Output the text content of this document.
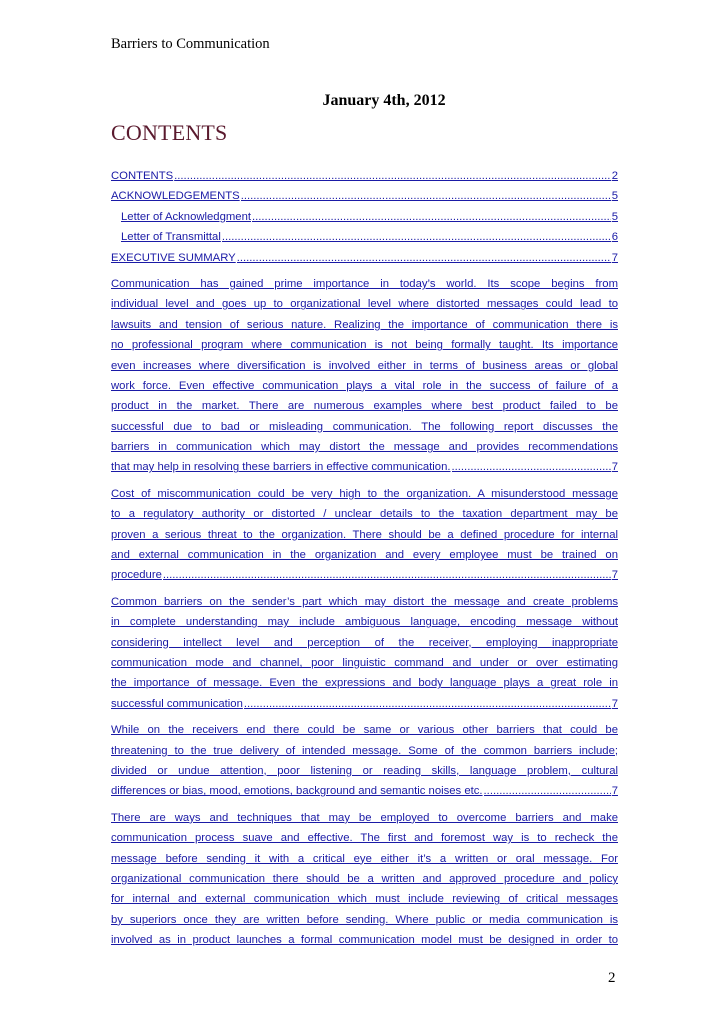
Barriers to Communication
January 4th, 2012
CONTENTS
CONTENTS .....	2
ACKNOWLEDGEMENTS .....	5
Letter of Acknowledgment .....	5
Letter of Transmittal .....	6
EXECUTIVE SUMMARY .....	7
Communication has gained prime importance in today’s world. Its scope begins from
individual level and goes up to organizational level where distorted messages could lead to
lawsuits and tension of serious nature. Realizing the importance of communication there is
no professional program where communication is not being formally taught. Its importance
even increases where diversification is involved either in terms of business areas or global
work force. Even effective communication plays a vital role in the success of failure of a
product in the market. There are numerous examples where best product failed to be
successful due to bad or misleading communication. The following report discusses the
barriers in communication which may distort the message and provides recommendations
that may help in resolving these barriers in effective communication. .....	7
Cost of miscommunication could be very high to the organization. A misunderstood message
to a regulatory authority or distorted / unclear details to the taxation department may be
proven a serious threat to the organization. There should be a defined procedure for internal
and external communication in the organization and every employee must be trained on
procedure .....	7
Common barriers on the sender’s part which may distort the message and create problems
in complete understanding may include ambiguous language, encoding message without
considering intellect level and perception of the receiver, employing inappropriate
communication mode and channel, poor linguistic command and under or over estimating
the importance of message. Even the expressions and body language plays a great role in
successful communication .....	7
While on the receivers end there could be same or various other barriers that could be
threatening to the true delivery of intended message. Some of the common barriers include;
divided or undue attention, poor listening or reading skills, language problem, cultural
differences or bias, mood, emotions, background and semantic noises etc. .....	7
There are ways and techniques that may be employed to overcome barriers and make
communication process suave and effective. The first and foremost way is to recheck the
message before sending it with a critical eye either it’s a written or oral message. For
organizational communication there should be a written and approved procedure and policy
for internal and external communication which must include reviewing of critical messages
by superiors once they are written before sending. Where public or media communication is
involved as in product launches a formal communication model must be designed in order to
2
